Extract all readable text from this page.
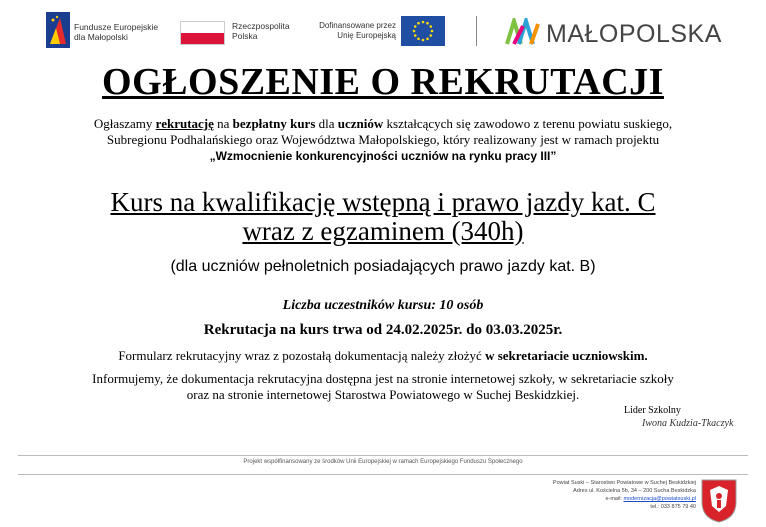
Fundusze Europejskie
dla Małopolski
Rzeczpospolita
Polska
Dofinansowane przez
Unię Europejską	MAŁOPOLSKA
OGŁOSZENIE O REKRUTACJI
Ogłaszamy rekrutację na bezpłatny kurs dla uczniów kształcących się zawodowo z terenu powiatu suskiego,
Subregionu Podhalańskiego oraz Województwa Małopolskiego, który realizowany jest w ramach projektu
„Wzmocnienie konkurencyjności uczniów na rynku pracy III”
Kurs na kwalifikację wstępną i prawo jazdy kat. C
wraz z egzaminem (340h)
(dla uczniów pełnoletnich posiadających prawo jazdy kat. B)
Liczba uczestników kursu: 10 osób
Rekrutacja na kurs trwa od 24.02.2025r. do 03.03.2025r.
Formularz rekrutacyjny wraz z pozostałą dokumentacją należy złożyć w sekretariacie uczniowskim.
Informujemy, że dokumentacja rekrutacyjna dostępna jest na stronie internetowej szkoły, w sekretariacie szkoły
oraz na stronie internetowej Starostwa Powiatowego w Suchej Beskidzkiej.
Lider Szkolny
Iwona Kudzia-Tkaczyk
Projekt współfinansowany ze środków Unii Europejskiej w ramach Europejskiego Funduszu Społecznego
Powiat Suski – Starostwo Powiatowe w Suchej Beskidzkiej
Adres ul. Kościelna 5b, 34 – 200 Sucha Beskidzka
e-mail: modernizacja@powiatsuski.pl
tel.: 033 875 79 40
